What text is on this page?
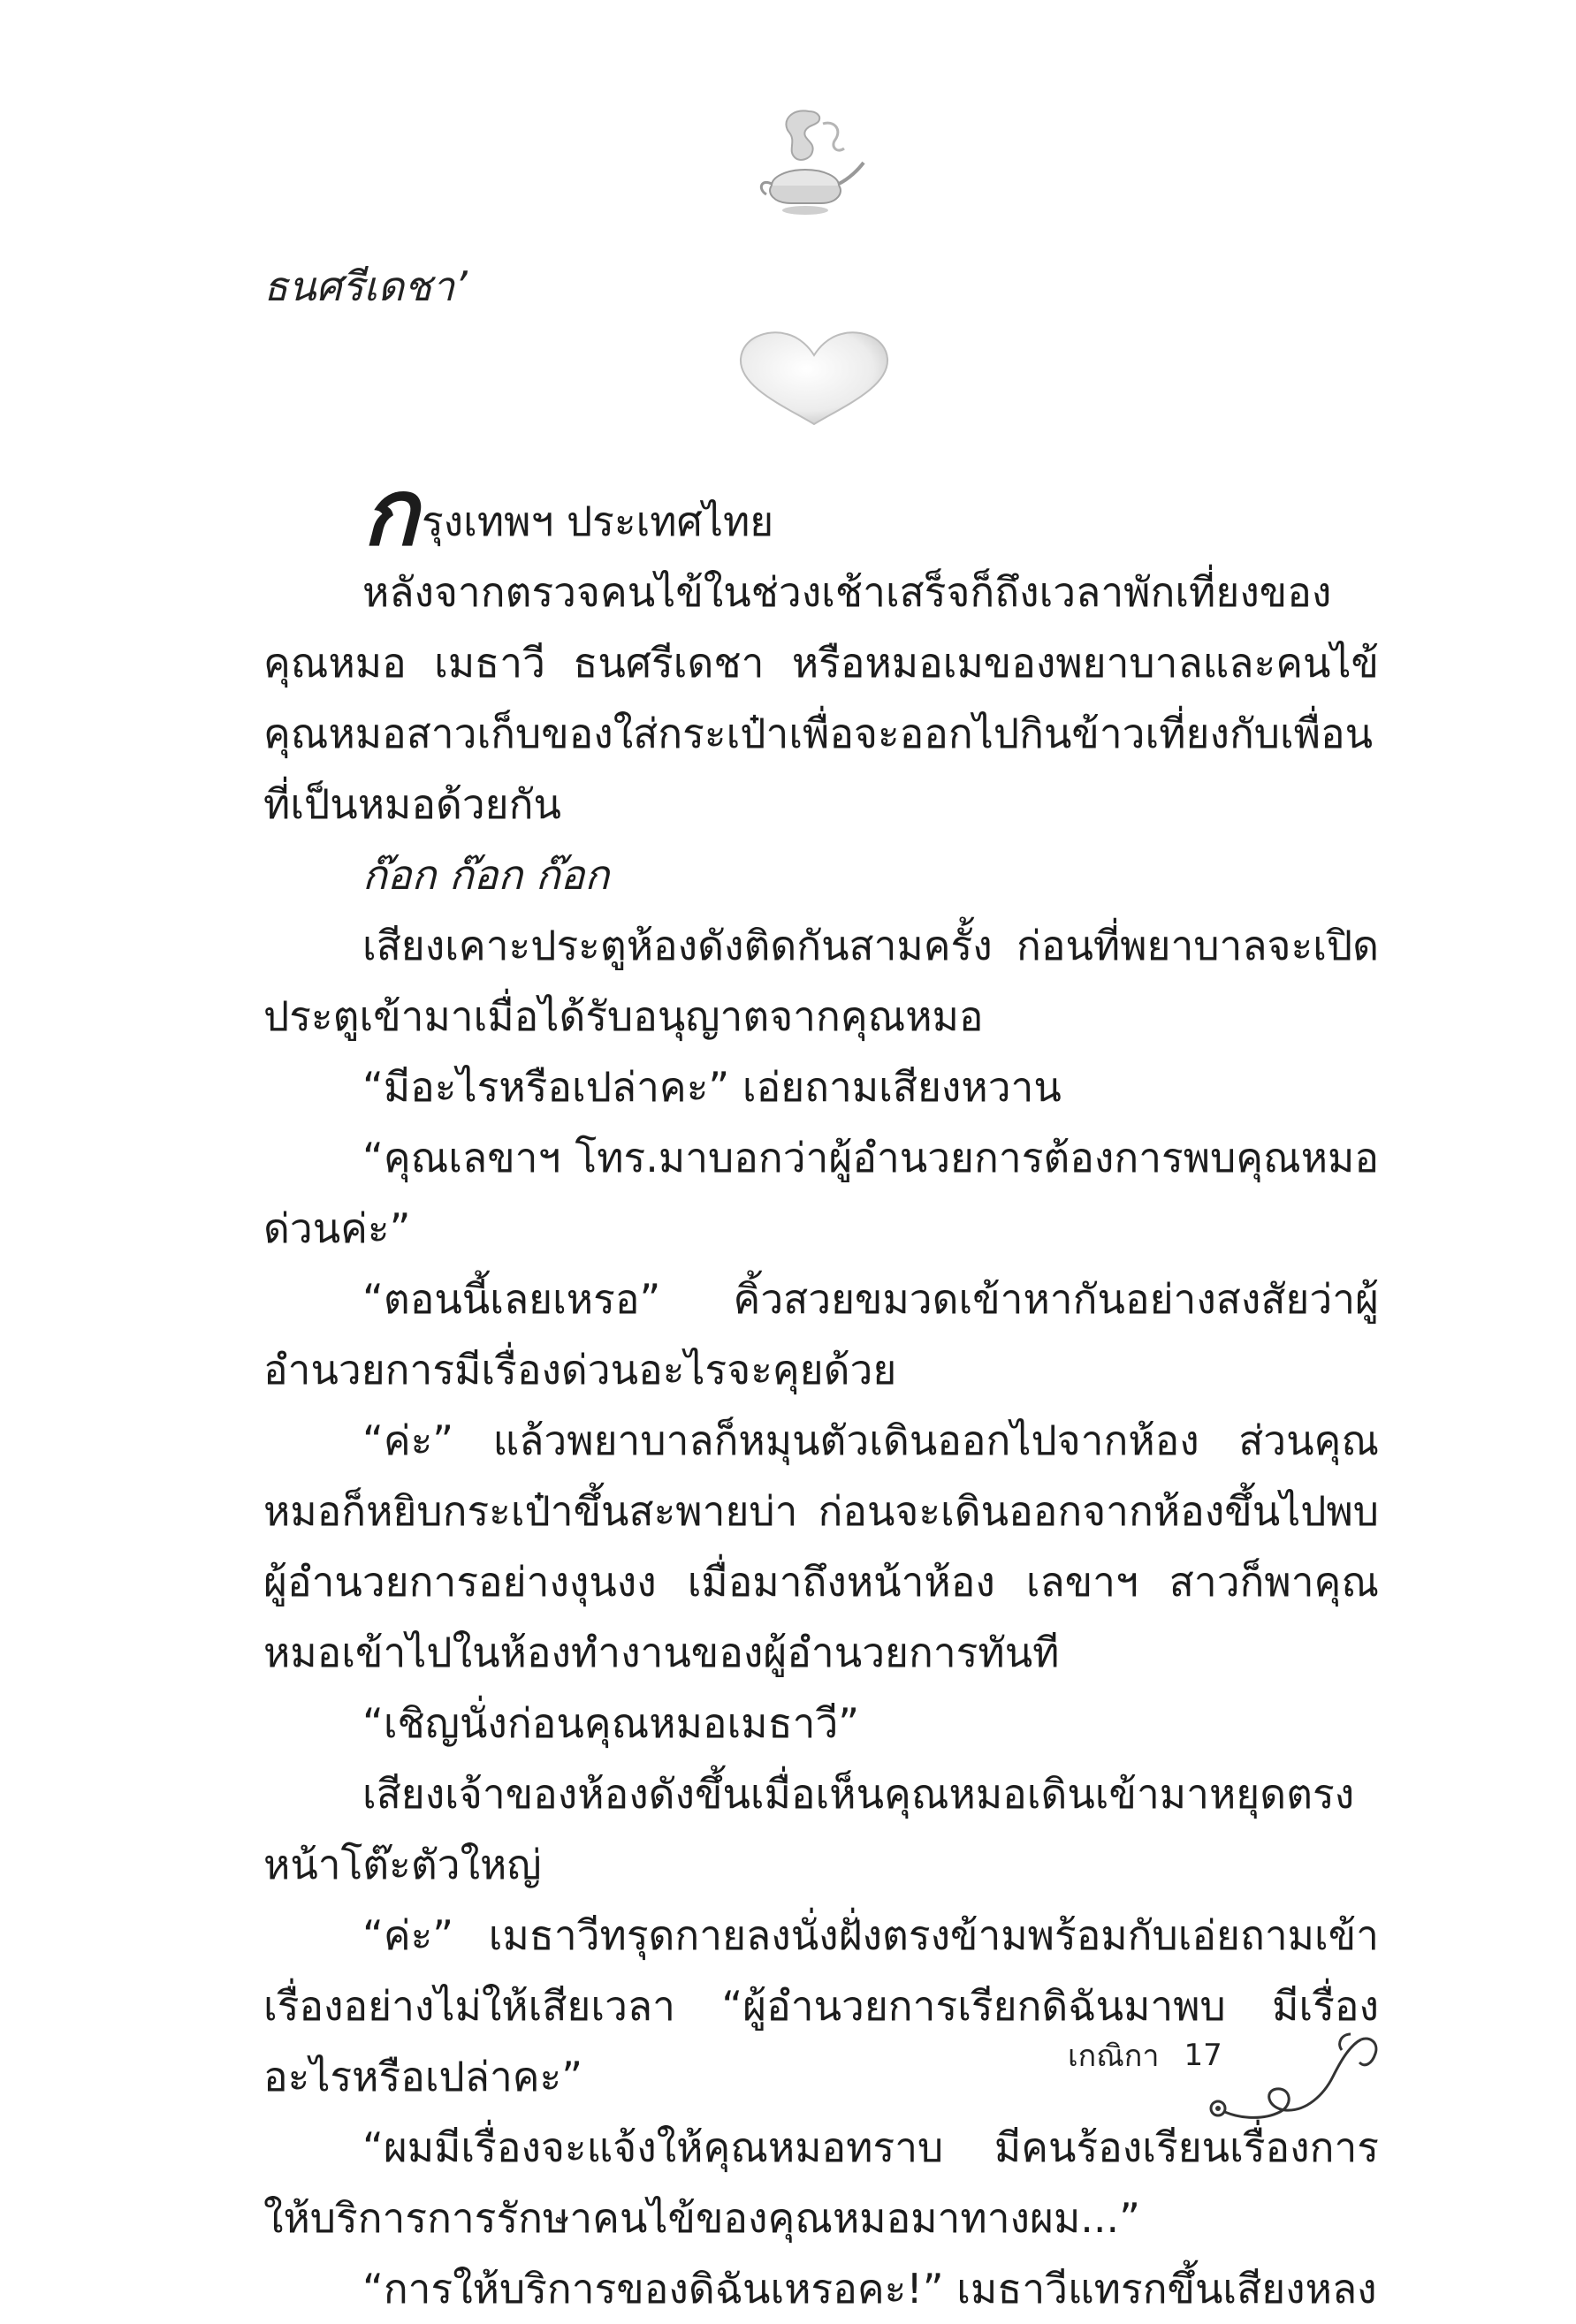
ธนศรีเดชา’
ก รุงเทพฯ ประเทศไทย

หลังจากตรวจคนไข้ในช่วงเช้าเสร็จก็ถึงเวลาพักเที่ยงของคุณหมอ เมธาวี ธนศรีเดชา หรือหมอเมของพยาบาลและคนไข้ คุณหมอสาวเก็บของใส่กระเป๋าเพื่อจะออกไปกินข้าวเที่ยงกับเพื่อนที่เป็นหมอด้วยกัน

ก๊อก ก๊อก ก๊อก

เสียงเคาะประตูห้องดังติดกันสามครั้ง ก่อนที่พยาบาลจะเปิดประตูเข้ามาเมื่อได้รับอนุญาตจากคุณหมอ

“มีอะไรหรือเปล่าคะ” เอ่ยถามเสียงหวาน

“คุณเลขาฯ โทร.มาบอกว่าผู้อำนวยการต้องการพบคุณหมอด่วนค่ะ”

“ตอนนี้เลยเหรอ” คิ้วสวยขมวดเข้าหากันอย่างสงสัยว่าผู้อำนวยการมีเรื่องด่วนอะไรจะคุยด้วย

“ค่ะ” แล้วพยาบาลก็หมุนตัวเดินออกไปจากห้อง ส่วนคุณหมอก็หยิบกระเป๋าขึ้นสะพายบ่า ก่อนจะเดินออกจากห้องขึ้นไปพบผู้อำนวยการอย่างงุนงง เมื่อมาถึงหน้าห้อง เลขาฯ สาวก็พาคุณหมอเข้าไปในห้องทำงานของผู้อำนวยการทันที

“เชิญนั่งก่อนคุณหมอเมธาวี”

เสียงเจ้าของห้องดังขึ้นเมื่อเห็นคุณหมอเดินเข้ามาหยุดตรงหน้าโต๊ะตัวใหญ่

“ค่ะ” เมธาวีทรุดกายลงนั่งฝั่งตรงข้ามพร้อมกับเอ่ยถามเข้าเรื่องอย่างไม่ให้เสียเวลา “ผู้อำนวยการเรียกดิฉันมาพบ มีเรื่องอะไรหรือเปล่าคะ”

“ผมมีเรื่องจะแจ้งให้คุณหมอทราบ มีคนร้องเรียนเรื่องการให้บริการการรักษาคนไข้ของคุณหมอมาทางผม...”

“การให้บริการของดิฉันเหรอคะ!” เมธาวีแทรกขึ้นเสียงหลง

เกณิกา 17
